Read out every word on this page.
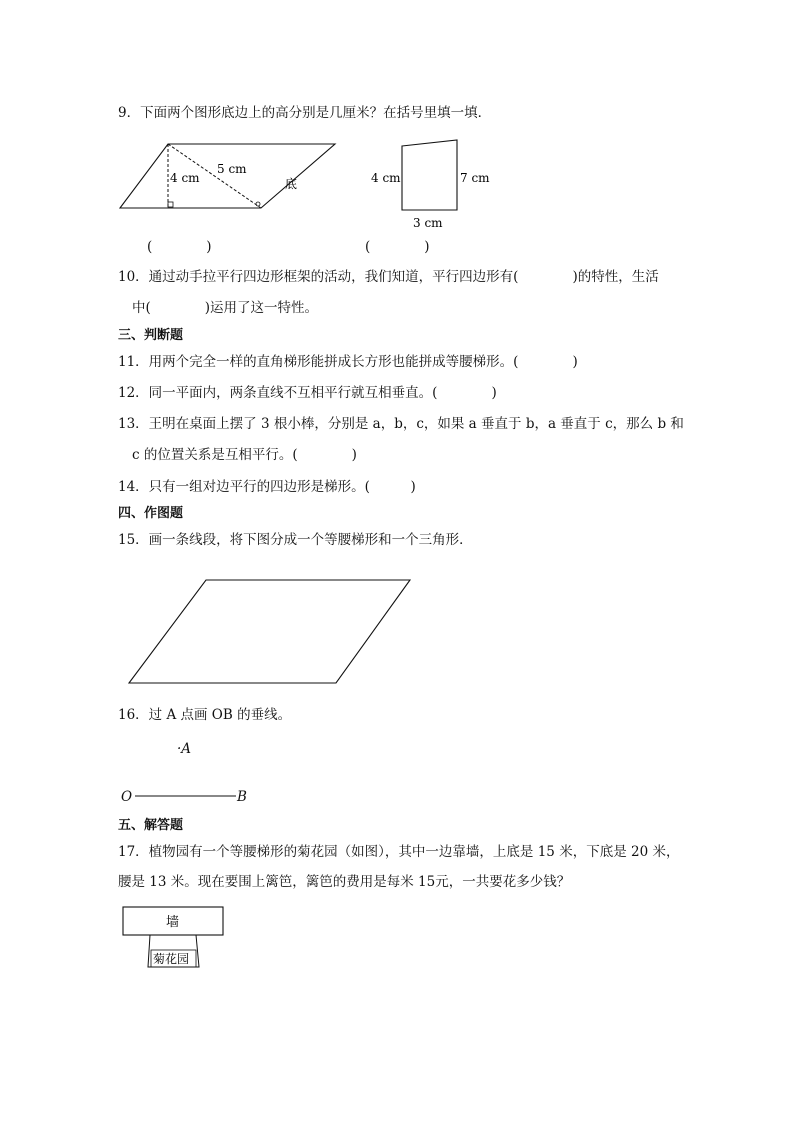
9．下面两个图形底边上的高分别是几厘米？在括号里填一填．
4 cm
5 cm
底	4 cm	7 cm
3 cm
(　　　　)	(　　　　)
10．通过动手拉平行四边形框架的活动，我们知道，平行四边形有(　　　　)的特性，生活
中(　　　　)运用了这一特性。
三、判断题
11．用两个完全一样的直角梯形能拼成长方形也能拼成等腰梯形。(　　　　)
12．同一平面内，两条直线不互相平行就互相垂直。(　　　　)
13．王明在桌面上摆了 3 根小棒，分别是 a，b，c，如果 a 垂直于 b，a 垂直于 c，那么 b 和
c 的位置关系是互相平行。(　　　　)
14．只有一组对边平行的四边形是梯形。(　　　)
四、作图题
15．画一条线段，将下图分成一个等腰梯形和一个三角形．
16．过 A 点画 OB 的垂线。
·A
O	B
五、解答题
17．植物园有一个等腰梯形的菊花园（如图），其中一边靠墙，上底是 15 米，下底是 20 米，
腰是 13 米。现在要围上篱笆，篱笆的费用是每米 15元，一共要花多少钱？
墙
菊花园
